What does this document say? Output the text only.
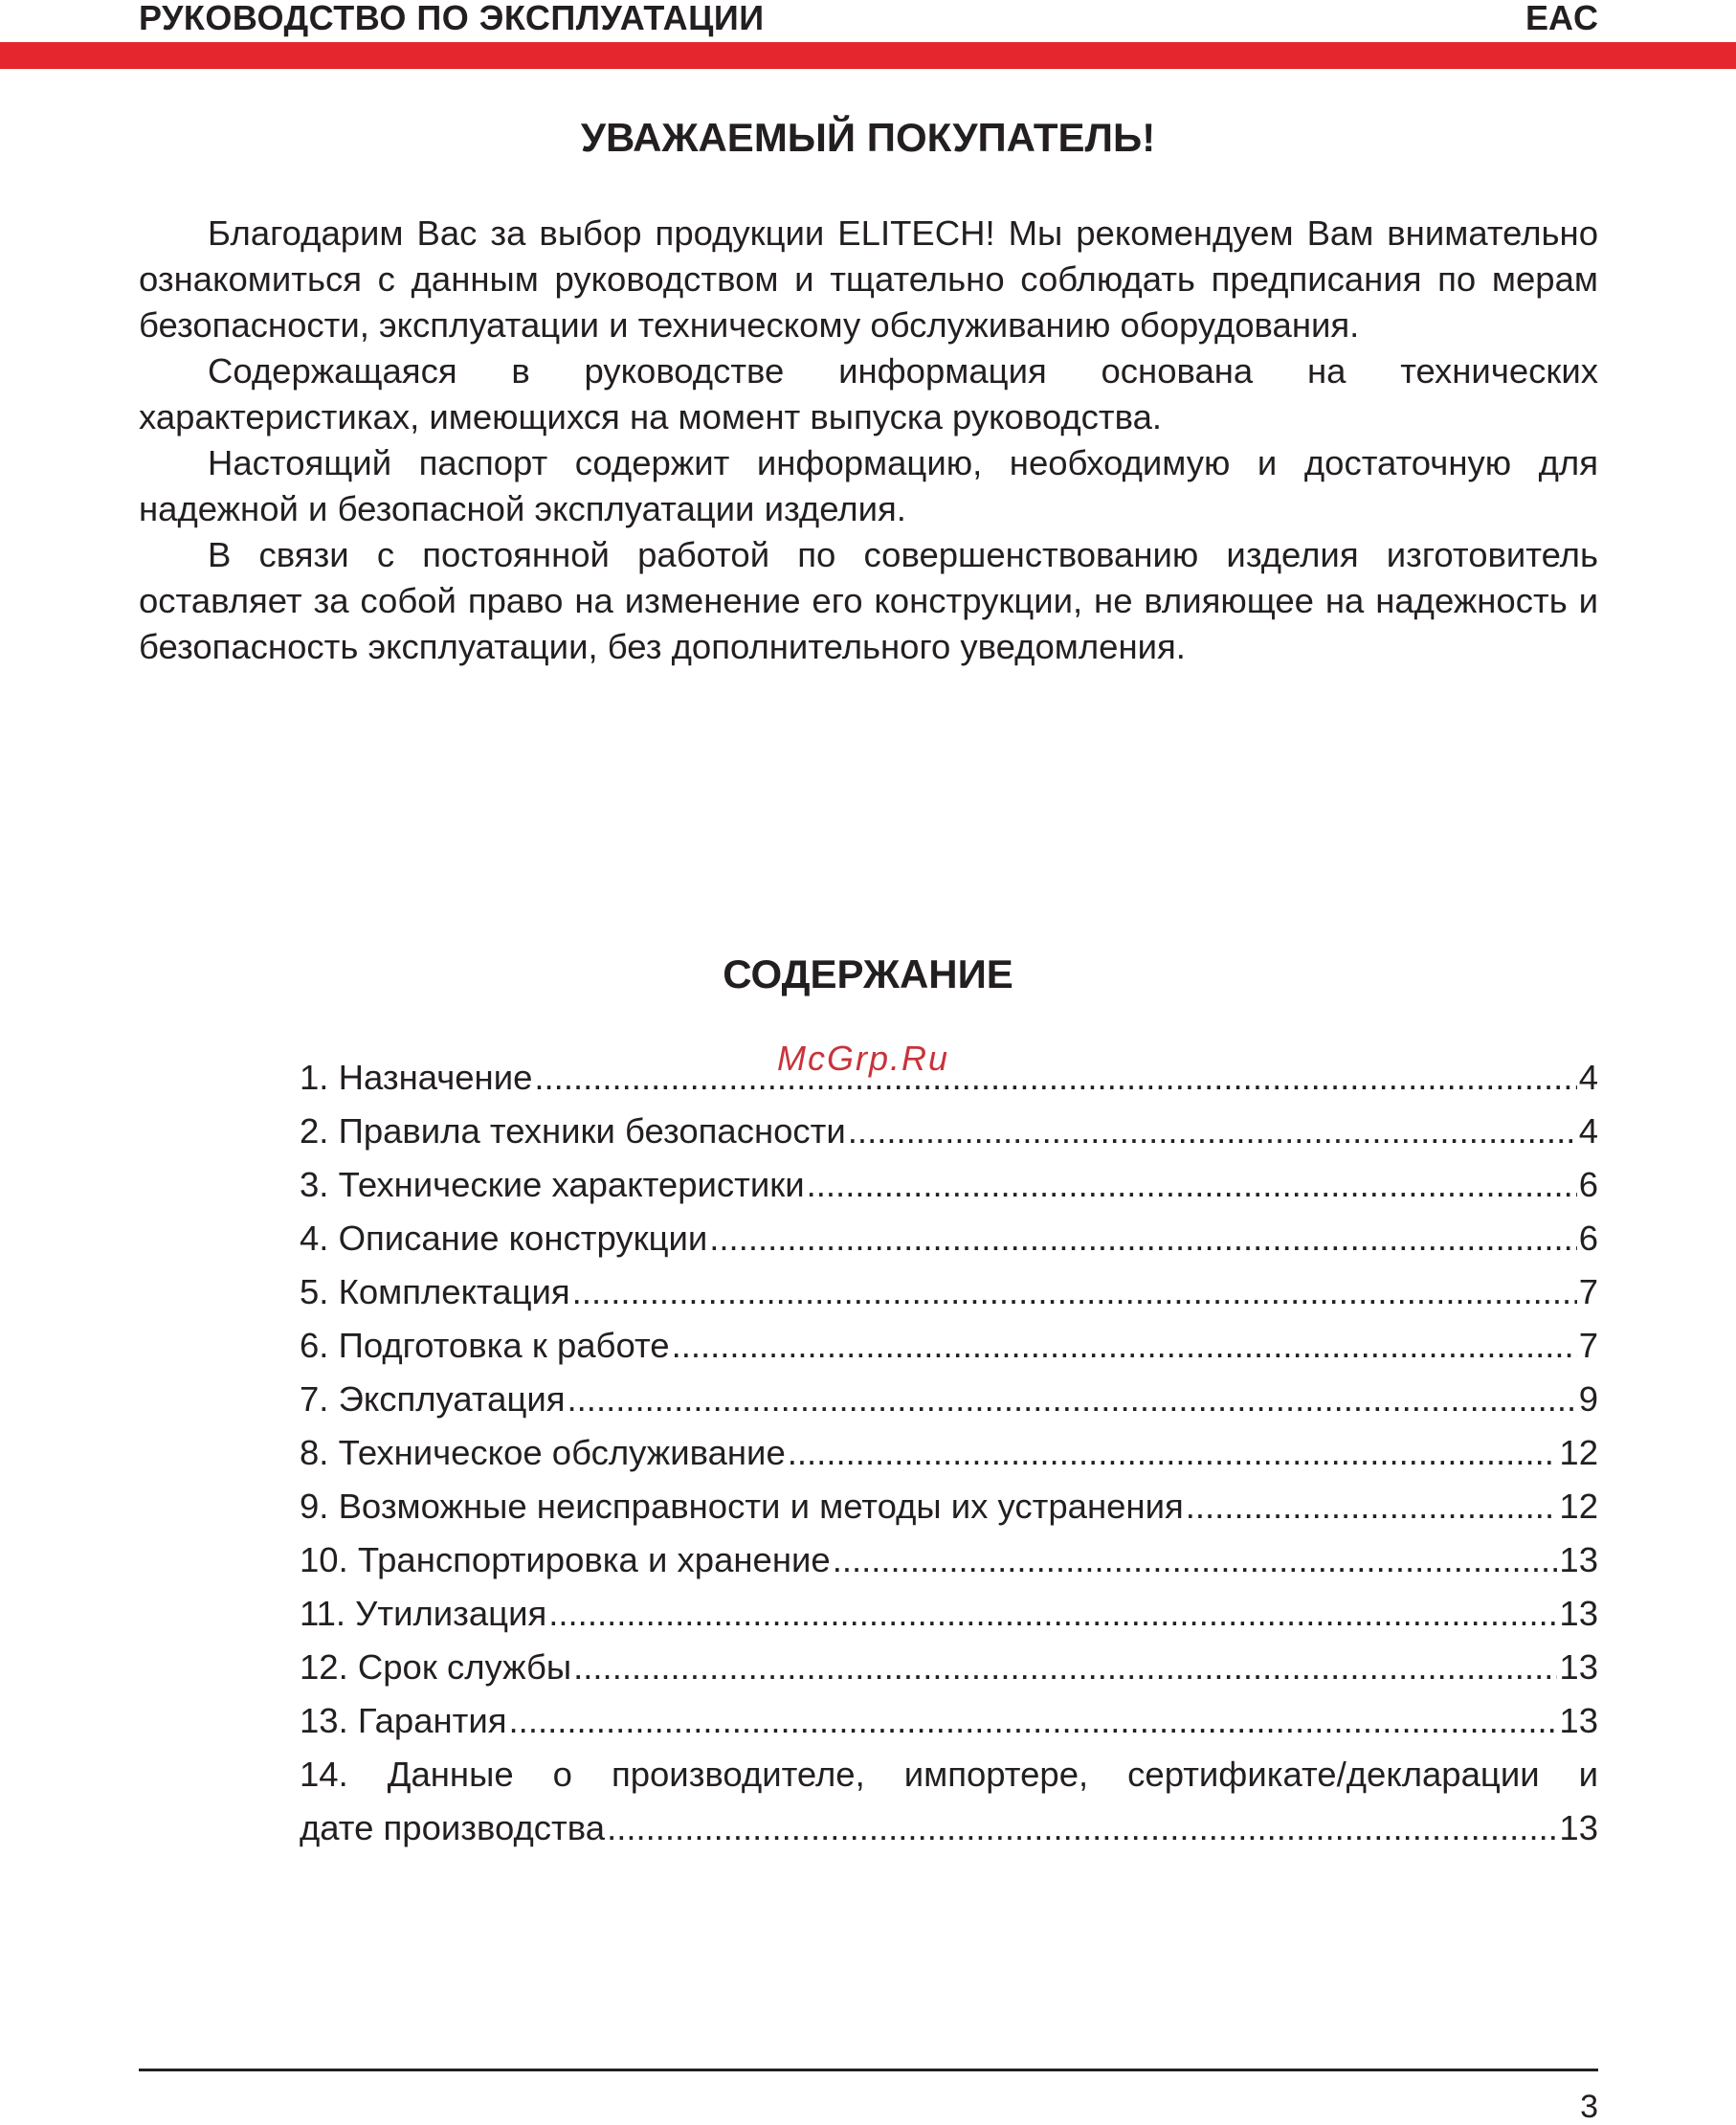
РУКОВОДСТВО ПО ЭКСПЛУАТАЦИИ	EAC
УВАЖАЕМЫЙ ПОКУПАТЕЛЬ!

Благодарим Вас за выбор продукции ELITECH! Мы рекомендуем Вам внимательно ознакомиться с данным руководством и тщательно соблюдать предписания по мерам безопасности, эксплуатации и техническому обслуживанию оборудования.

Содержащаяся в руководстве информация основана на технических характеристиках, имеющихся на момент выпуска руководства.

Настоящий паспорт содержит информацию, необходимую и достаточную для надежной и безопасной эксплуатации изделия.

В связи с постоянной работой по совершенствованию изделия изготовитель оставляет за собой право на изменение его конструкции, не влияющее на надежность и безопасность эксплуатации, без дополнительного уведомления.

СОДЕРЖАНИЕ
1. Назначение .....	4
2. Правила техники безопасности .....	4
3. Технические характеристики .....	6
4. Описание конструкции .....	6
5. Комплектация .....	7
6. Подготовка к работе .....	7
7. Эксплуатация .....	9
8. Техническое обслуживание .....	12
9. Возможные неисправности и методы их устранения .....	12
10. Транспортировка и хранение .....	13
11. Утилизация .....	13
12. Срок службы .....	13
13. Гарантия .....	13
14. Данные о производителе, импортере, сертификате/декларации и
дате производства .....	13
McGrp.Ru
3
